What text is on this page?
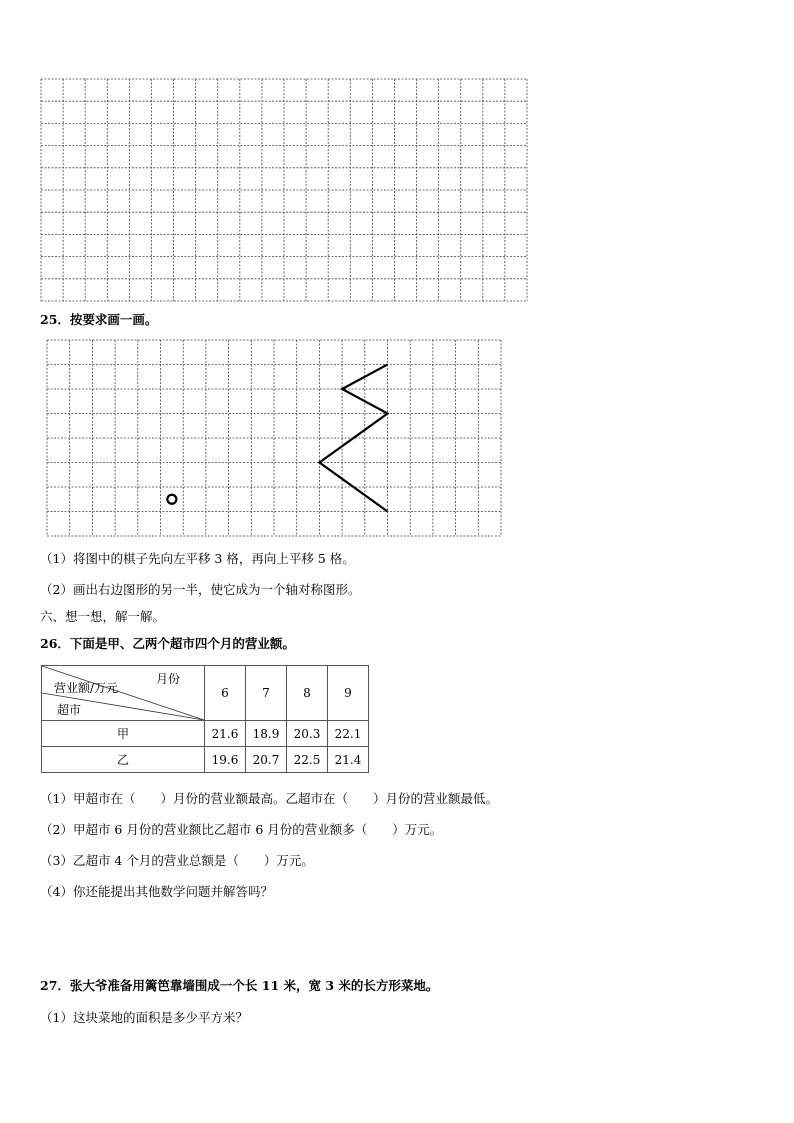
25．按要求画一画。
（1）将图中的棋子先向左平移 3 格，再向上平移 5 格。
（2）画出右边图形的另一半，使它成为一个轴对称图形。
六、想一想，解一解。
26．下面是甲、乙两个超市四个月的营业额。
月份
营业额/万元
超市	6	7	8	9
甲	21.6	18.9	20.3	22.1
乙	19.6	20.7	22.5	21.4
（1）甲超市在（　　）月份的营业额最高。乙超市在（　　）月份的营业额最低。
（2）甲超市 6 月份的营业额比乙超市 6 月份的营业额多（　　）万元。
（3）乙超市 4 个月的营业总额是（　　）万元。
（4）你还能提出其他数学问题并解答吗？
27．张大爷准备用篱笆靠墙围成一个长 11 米，宽 3 米的长方形菜地。
（1）这块菜地的面积是多少平方米？
